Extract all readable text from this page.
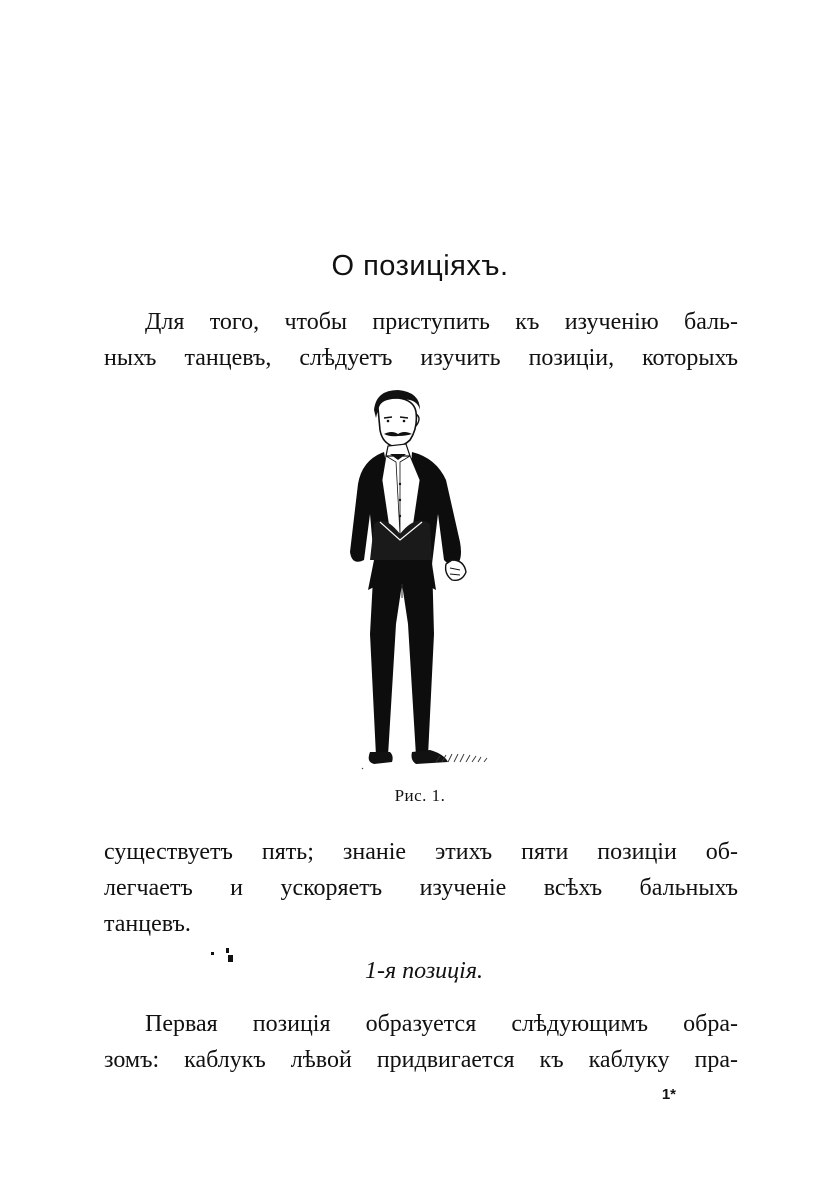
О позиціяхъ.

Для того, чтобы приступить къ изученію баль-
ныхъ танцевъ, слѣдуетъ изучить позиціи, которыхъ

Рис. 1.

существуетъ пять; знаніе этихъ пяти позиціи об-
легчаетъ и ускоряетъ изученіе всѣхъ бальныхъ
танцевъ.

1-я позиція.

Первая позиція образуется слѣдующимъ обра-
зомъ: каблукъ лѣвой придвигается къ каблуку пра-

1*
